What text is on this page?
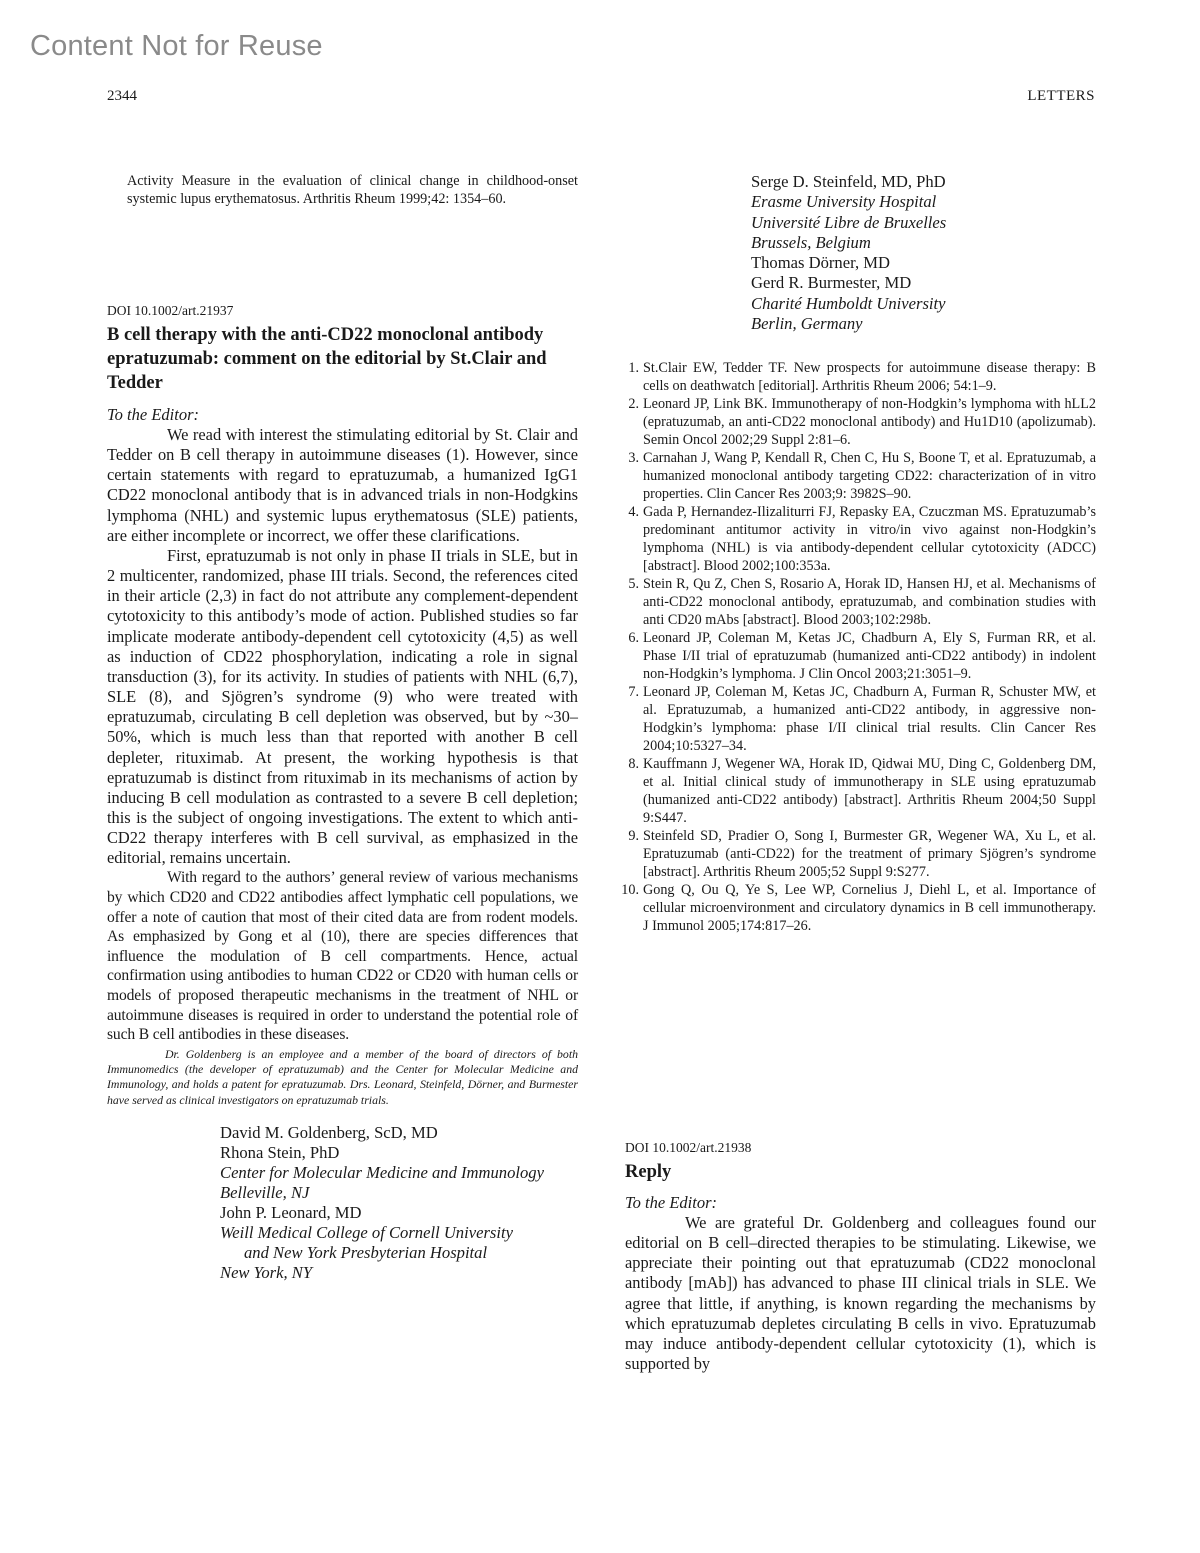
Content Not for Reuse
2344	LETTERS
Activity Measure in the evaluation of clinical change in childhood-onset systemic lupus erythematosus. Arthritis Rheum 1999;42: 1354–60.

DOI 10.1002/art.21937

B cell therapy with the anti-CD22 monoclonal antibody epratuzumab: comment on the editorial by St.Clair and Tedder

To the Editor:

We read with interest the stimulating editorial by St. Clair and Tedder on B cell therapy in autoimmune diseases (1). However, since certain statements with regard to epratuzumab, a humanized IgG1 CD22 monoclonal antibody that is in advanced trials in non-Hodgkins lymphoma (NHL) and systemic lupus erythematosus (SLE) patients, are either incomplete or incorrect, we offer these clarifications.

First, epratuzumab is not only in phase II trials in SLE, but in 2 multicenter, randomized, phase III trials. Second, the references cited in their article (2,3) in fact do not attribute any complement-dependent cytotoxicity to this antibody’s mode of action. Published studies so far implicate moderate antibody-dependent cell cytotoxicity (4,5) as well as induction of CD22 phosphorylation, indicating a role in signal transduction (3), for its activity. In studies of patients with NHL (6,7), SLE (8), and Sjögren’s syndrome (9) who were treated with epratuzumab, circulating B cell depletion was observed, but by ~30–50%, which is much less than that reported with another B cell depleter, rituximab. At present, the working hypothesis is that epratuzumab is distinct from rituximab in its mechanisms of action by inducing B cell modulation as contrasted to a severe B cell depletion; this is the subject of ongoing investigations. The extent to which anti-CD22 therapy interferes with B cell survival, as emphasized in the editorial, remains uncertain.

With regard to the authors’ general review of various mechanisms by which CD20 and CD22 antibodies affect lymphatic cell populations, we offer a note of caution that most of their cited data are from rodent models. As emphasized by Gong et al (10), there are species differences that influence the modulation of B cell compartments. Hence, actual confirmation using antibodies to human CD22 or CD20 with human cells or models of proposed therapeutic mechanisms in the treatment of NHL or autoimmune diseases is required in order to understand the potential role of such B cell antibodies in these diseases.

Dr. Goldenberg is an employee and a member of the board of directors of both Immunomedics (the developer of epratuzumab) and the Center for Molecular Medicine and Immunology, and holds a patent for epratuzumab. Drs. Leonard, Steinfeld, Dörner, and Burmester have served as clinical investigators on epratuzumab trials.

David M. Goldenberg, ScD, MD
Rhona Stein, PhD
Center for Molecular Medicine and Immunology
Belleville, NJ
John P. Leonard, MD
Weill Medical College of Cornell University
and New York Presbyterian Hospital
New York, NY
Serge D. Steinfeld, MD, PhD
Erasme University Hospital
Université Libre de Bruxelles
Brussels, Belgium
Thomas Dörner, MD
Gerd R. Burmester, MD
Charité Humboldt University
Berlin, Germany
1. St.Clair EW, Tedder TF. New prospects for autoimmune disease therapy: B cells on deathwatch [editorial]. Arthritis Rheum 2006; 54:1–9.
2. Leonard JP, Link BK. Immunotherapy of non-Hodgkin’s lymphoma with hLL2 (epratuzumab, an anti-CD22 monoclonal antibody) and Hu1D10 (apolizumab). Semin Oncol 2002;29 Suppl 2:81–6.
3. Carnahan J, Wang P, Kendall R, Chen C, Hu S, Boone T, et al. Epratuzumab, a humanized monoclonal antibody targeting CD22: characterization of in vitro properties. Clin Cancer Res 2003;9: 3982S–90.
4. Gada P, Hernandez-Ilizaliturri FJ, Repasky EA, Czuczman MS. Epratuzumab’s predominant antitumor activity in vitro/in vivo against non-Hodgkin’s lymphoma (NHL) is via antibody-dependent cellular cytotoxicity (ADCC) [abstract]. Blood 2002;100:353a.
5. Stein R, Qu Z, Chen S, Rosario A, Horak ID, Hansen HJ, et al. Mechanisms of anti-CD22 monoclonal antibody, epratuzumab, and combination studies with anti CD20 mAbs [abstract]. Blood 2003;102:298b.
6. Leonard JP, Coleman M, Ketas JC, Chadburn A, Ely S, Furman RR, et al. Phase I/II trial of epratuzumab (humanized anti-CD22 antibody) in indolent non-Hodgkin’s lymphoma. J Clin Oncol 2003;21:3051–9.
7. Leonard JP, Coleman M, Ketas JC, Chadburn A, Furman R, Schuster MW, et al. Epratuzumab, a humanized anti-CD22 antibody, in aggressive non-Hodgkin’s lymphoma: phase I/II clinical trial results. Clin Cancer Res 2004;10:5327–34.
8. Kauffmann J, Wegener WA, Horak ID, Qidwai MU, Ding C, Goldenberg DM, et al. Initial clinical study of immunotherapy in SLE using epratuzumab (humanized anti-CD22 antibody) [abstract]. Arthritis Rheum 2004;50 Suppl 9:S447.
9. Steinfeld SD, Pradier O, Song I, Burmester GR, Wegener WA, Xu L, et al. Epratuzumab (anti-CD22) for the treatment of primary Sjögren’s syndrome [abstract]. Arthritis Rheum 2005;52 Suppl 9:S277.
10. Gong Q, Ou Q, Ye S, Lee WP, Cornelius J, Diehl L, et al. Importance of cellular microenvironment and circulatory dynamics in B cell immunotherapy. J Immunol 2005;174:817–26.

DOI 10.1002/art.21938

Reply

To the Editor:

We are grateful Dr. Goldenberg and colleagues found our editorial on B cell–directed therapies to be stimulating. Likewise, we appreciate their pointing out that epratuzumab (CD22 monoclonal antibody [mAb]) has advanced to phase III clinical trials in SLE. We agree that little, if anything, is known regarding the mechanisms by which epratuzumab depletes circulating B cells in vivo. Epratuzumab may induce antibody-dependent cellular cytotoxicity (1), which is supported by
